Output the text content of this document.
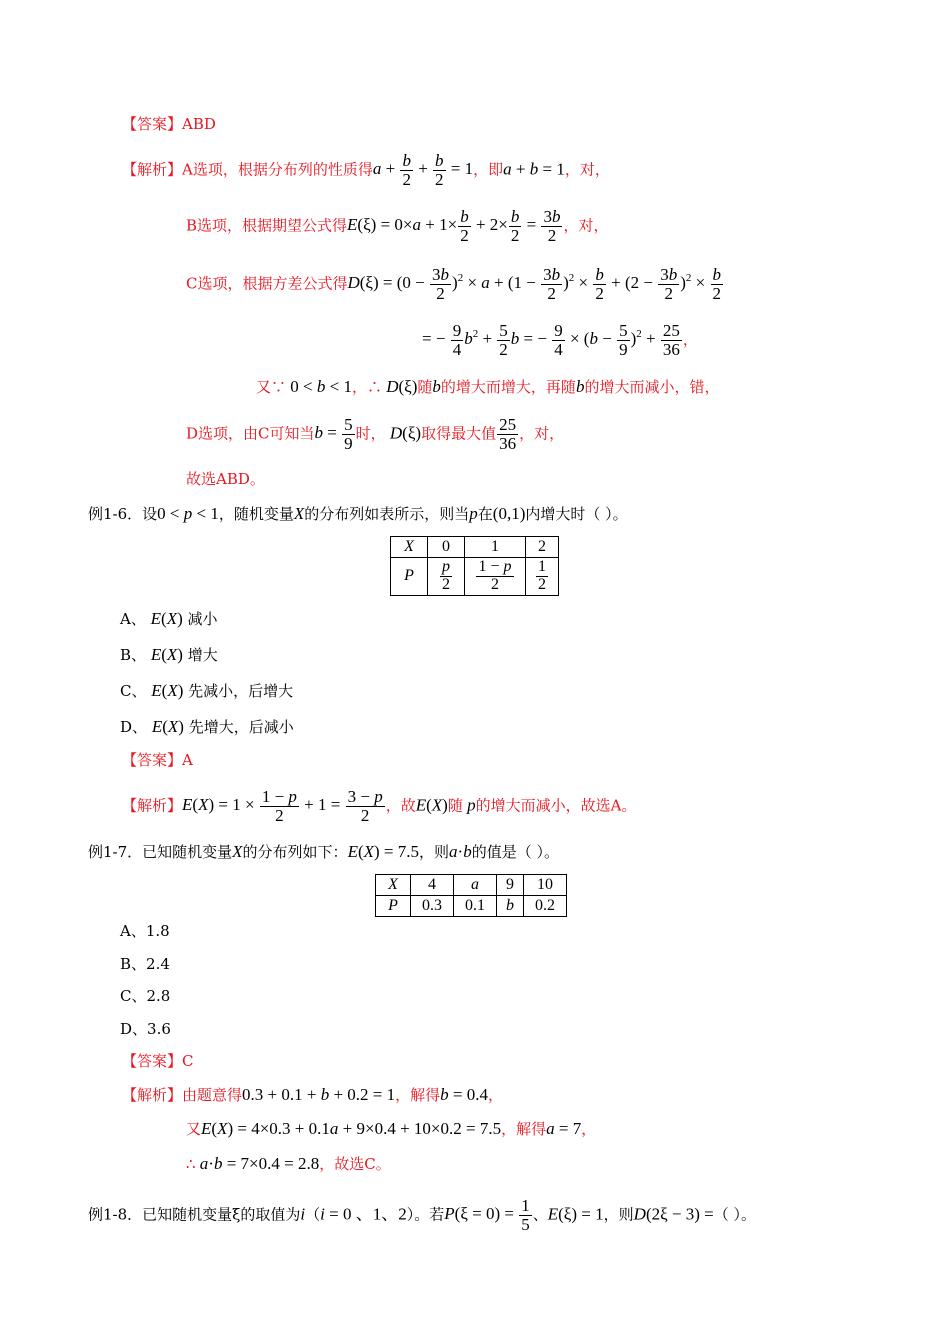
【答案】ABD
【解析】A选项，根据分布列的性质得$a + \frac{b}{2} + \frac{b}{2} = 1$，即a + b = 1，对，
B选项，根据期望公式得$E(\xi) = 0\times a + 1\times \frac{b}{2} + 2\times \frac{b}{2} = \frac{3b}{2}$ ，对，
C选项，根据方差公式得$D(\xi) = (0 - \frac{3b}{2} )^2 \times a + (1 - \frac{3b}{2} )^2 \times \frac{b}{2} + (2 - \frac{3b}{2} )^2 \times \frac{b}{2}$
= − $\frac{9}{4} b^2 + \frac{5}{2}$ b = − $\frac{9}{4} \times (b - \frac{5}{9} )^2 + \frac{25}{36}$ ，
又∵ 0 < b < 1，∴ D(ξ)随b的增大而增大，再随b的增大而减小，错，
D选项，由C可知当$b = \frac{5}{9}$ 时， D(ξ)取得最大值 $\frac{25}{36}$ ，对，
故选ABD。
例1-6．设0 < p < 1，随机变量X的分布列如表所示，则当p在(0,1)内增大时（ ）。
X	0	1	2
P	$\frac{p}{2}$	$\frac{1 - p}{2}$	$\frac{1}{2}$
A、 E(X) 减小
B、 E(X) 增大
C、 E(X) 先减小，后增大
D、 E(X) 先增大，后减小
【答案】A
【解析】$E(X) = 1 \times \frac{1 - p}{2} + 1 = \frac{3 - p}{2}$ ，故E(X)随 p的增大而减小，故选A。
例1-7．已知随机变量X的分布列如下：E(X) = 7.5，则a·b的值是（ ）。
X	4	a	9	10
P	0.3	0.1	b	0.2
A、1.8
B、2.4
C、2.8
D、3.6
【答案】C
【解析】由题意得0.3 + 0.1 + b + 0.2 = 1，解得b = 0.4，
又E(X) = 4×0.3 + 0.1a + 9×0.4 + 10×0.2 = 7.5，解得a = 7，
∴ a·b = 7×0.4 = 2.8，故选C。
例1-8．已知随机变量ξ的取值为i（i = 0 、1、2）。若$P(\xi = 0) = \frac{1}{5}$ 、E(ξ) = 1，则D(2ξ − 3) =（ ）。
